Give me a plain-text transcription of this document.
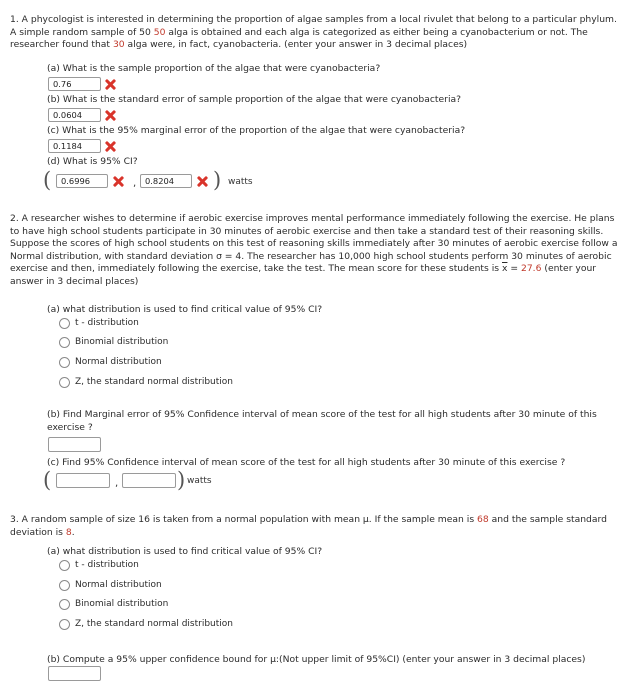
1. A phycologist is interested in determining the proportion of algae samples from a local rivulet that belong to a particular phylum. A simple random sample of 50 50 alga is obtained and each alga is categorized as either being a cyanobacterium or not. The researcher found that 30 alga were, in fact, cyanobacteria. (enter your answer in 3 decimal places)

(a) What is the sample proportion of the algae that were cyanobacteria?
0.76
(b) What is the standard error of sample proportion of the algae that were cyanobacteria?
0.0604
(c) What is the 95% marginal error of the proportion of the algae that were cyanobacteria?
0.1184
(d) What is 95% CI?
(	0.6996	,	0.8204	) watts

2. A researcher wishes to determine if aerobic exercise improves mental performance immediately following the exercise. He plans to have high school students participate in 30 minutes of aerobic exercise and then take a standard test of their reasoning skills. Suppose the scores of high school students on this test of reasoning skills immediately after 30 minutes of aerobic exercise follow a Normal distribution, with standard deviation σ = 4. The researcher has 10,000 high school students perform 30 minutes of aerobic exercise and then, immediately following the exercise, take the test. The mean score for these students is $\overline{x} = 27.6$ (enter your answer in 3 decimal places)

(a) what distribution is used to find critical value of 95% CI?
t - distribution
Binomial distribution
Normal distribution
Z, the standard normal distribution
(b) Find Marginal error of 95% Confidence interval of mean score of the test for all high students after 30 minute of this exercise ?
(c) Find 95% Confidence interval of mean score of the test for all high students after 30 minute of this exercise ?
(	,	) watts

3. A random sample of size 16 is taken from a normal population with mean μ. If the sample mean is 68 and the sample standard deviation is 8.

(a) what distribution is used to find critical value of 95% CI?
t - distribution
Normal distribution
Binomial distribution
Z, the standard normal distribution
(b) Compute a 95% upper confidence bound for μ:(Not upper limit of 95%CI) (enter your answer in 3 decimal places)
